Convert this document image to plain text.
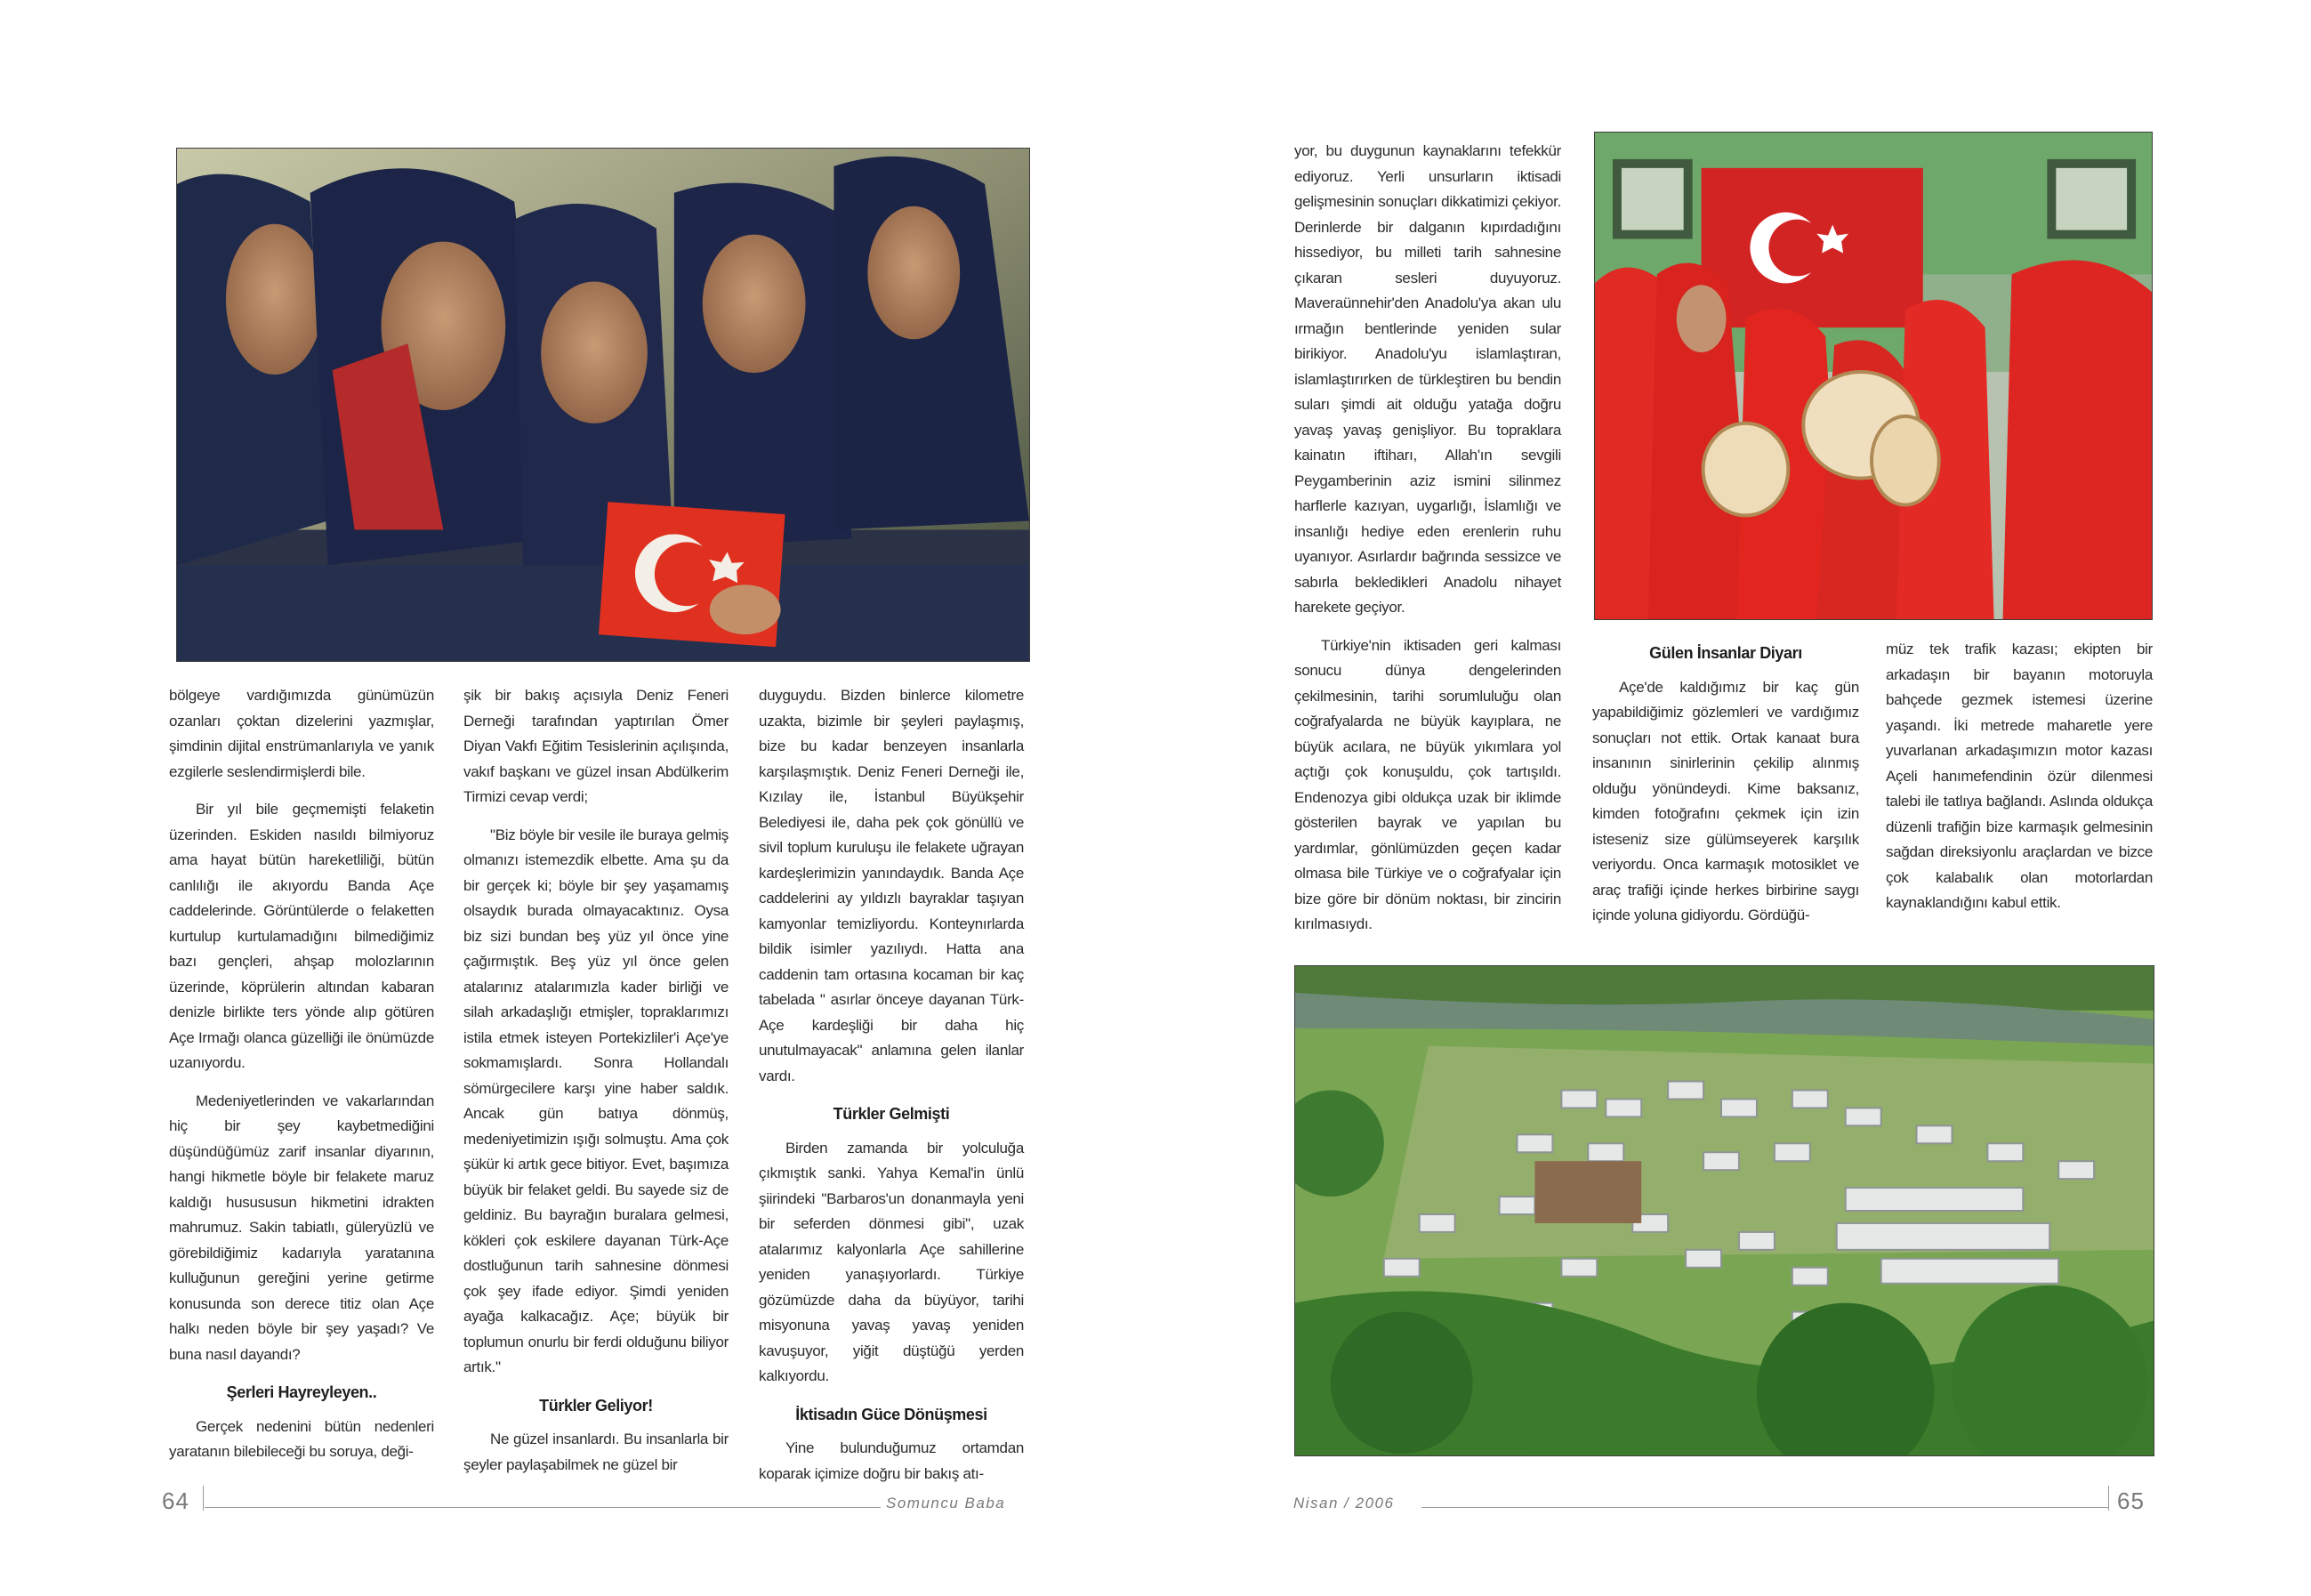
bölgeye vardığımızda günümüzün ozanları çoktan dizelerini yazmışlar, şimdinin dijital enstrümanlarıyla ve yanık ezgilerle seslendirmişlerdi bile.

Bir yıl bile geçmemişti felaketin üzerinden. Eskiden nasıldı bilmiyoruz ama hayat bütün hareketliliği, bütün canlılığı ile akıyordu Banda Açe caddelerinde. Görüntülerde o felaketten kurtulup kurtulamadığını bilmediğimiz bazı gençleri, ahşap molozlarının üzerinde, köprülerin altından kabaran denizle birlikte ters yönde alıp götüren Açe Irmağı olanca güzelliği ile önümüzde uzanıyordu.

Medeniyetlerinden ve vakarlarından hiç bir şey kaybetmediğini düşündüğümüz zarif insanlar diyarının, hangi hikmetle böyle bir felakete maruz kaldığı husususun hikmetini idrakten mahrumuz. Sakin tabiatlı, güleryüzlü ve görebildiğimiz kadarıyla yaratanına kulluğunun gereğini yerine getirme konusunda son derece titiz olan Açe halkı neden böyle bir şey yaşadı? Ve buna nasıl dayandı?

Şerleri Hayreyleyen..

Gerçek nedenini bütün nedenleri yaratanın bilebileceği bu soruya, deği-

şik bir bakış açısıyla Deniz Feneri Derneği tarafından yaptırılan Ömer Diyan Vakfı Eğitim Tesislerinin açılışında, vakıf başkanı ve güzel insan Abdülkerim Tirmizi cevap verdi;

"Biz böyle bir vesile ile buraya gelmiş olmanızı istemezdik elbette. Ama şu da bir gerçek ki; böyle bir şey yaşamamış olsaydık burada olmayacaktınız. Oysa biz sizi bundan beş yüz yıl önce yine çağırmıştık. Beş yüz yıl önce gelen atalarınız atalarımızla kader birliği ve silah arkadaşlığı etmişler, topraklarımızı istila etmek isteyen Portekizliler'i Açe'ye sokmamışlardı. Sonra Hollandalı sömürgecilere karşı yine haber saldık. Ancak gün batıya dönmüş, medeniyetimizin ışığı solmuştu. Ama çok şükür ki artık gece bitiyor. Evet, başımıza büyük bir felaket geldi. Bu sayede siz de geldiniz. Bu bayrağın buralara gelmesi, kökleri çok eskilere dayanan Türk-Açe dostluğunun tarih sahnesine dönmesi çok şey ifade ediyor. Şimdi yeniden ayağa kalkacağız. Açe; büyük bir toplumun onurlu bir ferdi olduğunu biliyor artık."

Türkler Geliyor!

Ne güzel insanlardı. Bu insanlarla bir şeyler paylaşabilmek ne güzel bir

duyguydu. Bizden binlerce kilometre uzakta, bizimle bir şeyleri paylaşmış, bize bu kadar benzeyen insanlarla karşılaşmıştık. Deniz Feneri Derneği ile, Kızılay ile, İstanbul Büyükşehir Belediyesi ile, daha pek çok gönüllü ve sivil toplum kuruluşu ile felakete uğrayan kardeşlerimizin yanındaydık. Banda Açe caddelerini ay yıldızlı bayraklar taşıyan kamyonlar temizliyordu. Konteynırlarda bildik isimler yazılıydı. Hatta ana caddenin tam ortasına kocaman bir kaç tabelada " asırlar önceye dayanan Türk-Açe kardeşliği bir daha hiç unutulmayacak" anlamına gelen ilanlar vardı.

Türkler Gelmişti

Birden zamanda bir yolculuğa çıkmıştık sanki. Yahya Kemal'in ünlü şiirindeki "Barbaros'un donanmayla yeni bir seferden dönmesi gibi", uzak atalarımız kalyonlarla Açe sahillerine yeniden yanaşıyorlardı. Türkiye gözümüzde daha da büyüyor, tarihi misyonuna yavaş yavaş yeniden kavuşuyor, yiğit düştüğü yerden kalkıyordu.

İktisadın Güce Dönüşmesi

Yine bulunduğumuz ortamdan koparak içimize doğru bir bakış atı-

yor, bu duygunun kaynaklarını tefekkür ediyoruz. Yerli unsurların iktisadi gelişmesinin sonuçları dikkatimizi çekiyor. Derinlerde bir dalganın kıpırdadığını hissediyor, bu milleti tarih sahnesine çıkaran sesleri duyuyoruz. Maveraünnehir'den Anadolu'ya akan ulu ırmağın bentlerinde yeniden sular birikiyor. Anadolu'yu islamlaştıran, islamlaştırırken de türkleştiren bu bendin suları şimdi ait olduğu yatağa doğru yavaş yavaş genişliyor. Bu topraklara kainatın iftiharı, Allah'ın sevgili Peygamberinin aziz ismini silinmez harflerle kazıyan, uygarlığı, İslamlığı ve insanlığı hediye eden erenlerin ruhu uyanıyor. Asırlardır bağrında sessizce ve sabırla bekledikleri Anadolu nihayet harekete geçiyor.

Türkiye'nin iktisaden geri kalması sonucu dünya dengelerinden çekilmesinin, tarihi sorumluluğu olan coğrafyalarda ne büyük kayıplara, ne büyük acılara, ne büyük yıkımlara yol açtığı çok konuşuldu, çok tartışıldı. Endenozya gibi oldukça uzak bir iklimde gösterilen bayrak ve yapılan bu yardımlar, gönlümüzden geçen kadar olmasa bile Türkiye ve o coğrafyalar için bize göre bir dönüm noktası, bir zincirin kırılmasıydı.

Gülen İnsanlar Diyarı

Açe'de kaldığımız bir kaç gün yapabildiğimiz gözlemleri ve vardığımız sonuçları not ettik. Ortak kanaat bura insanının sinirlerinin çekilip alınmış olduğu yönündeydi. Kime baksanız, kimden fotoğrafını çekmek için izin isteseniz size gülümseyerek karşılık veriyordu. Onca karmaşık motosiklet ve araç trafiği içinde herkes birbirine saygı içinde yoluna gidiyordu. Gördüğü-

müz tek trafik kazası; ekipten bir arkadaşın bir bayanın motoruyla bahçede gezmek istemesi üzerine yaşandı. İki metrede maharetle yere yuvarlanan arkadaşımızın motor kazası Açeli hanımefendinin özür dilenmesi talebi ile tatlıya bağlandı. Aslında oldukça düzenli trafiğin bize karmaşık gelmesinin sağdan direksiyonlu araçlardan ve bizce çok kalabalık olan motorlardan kaynaklandığını kabul ettik.

64	Somuncu Baba	Nisan / 2006	65
